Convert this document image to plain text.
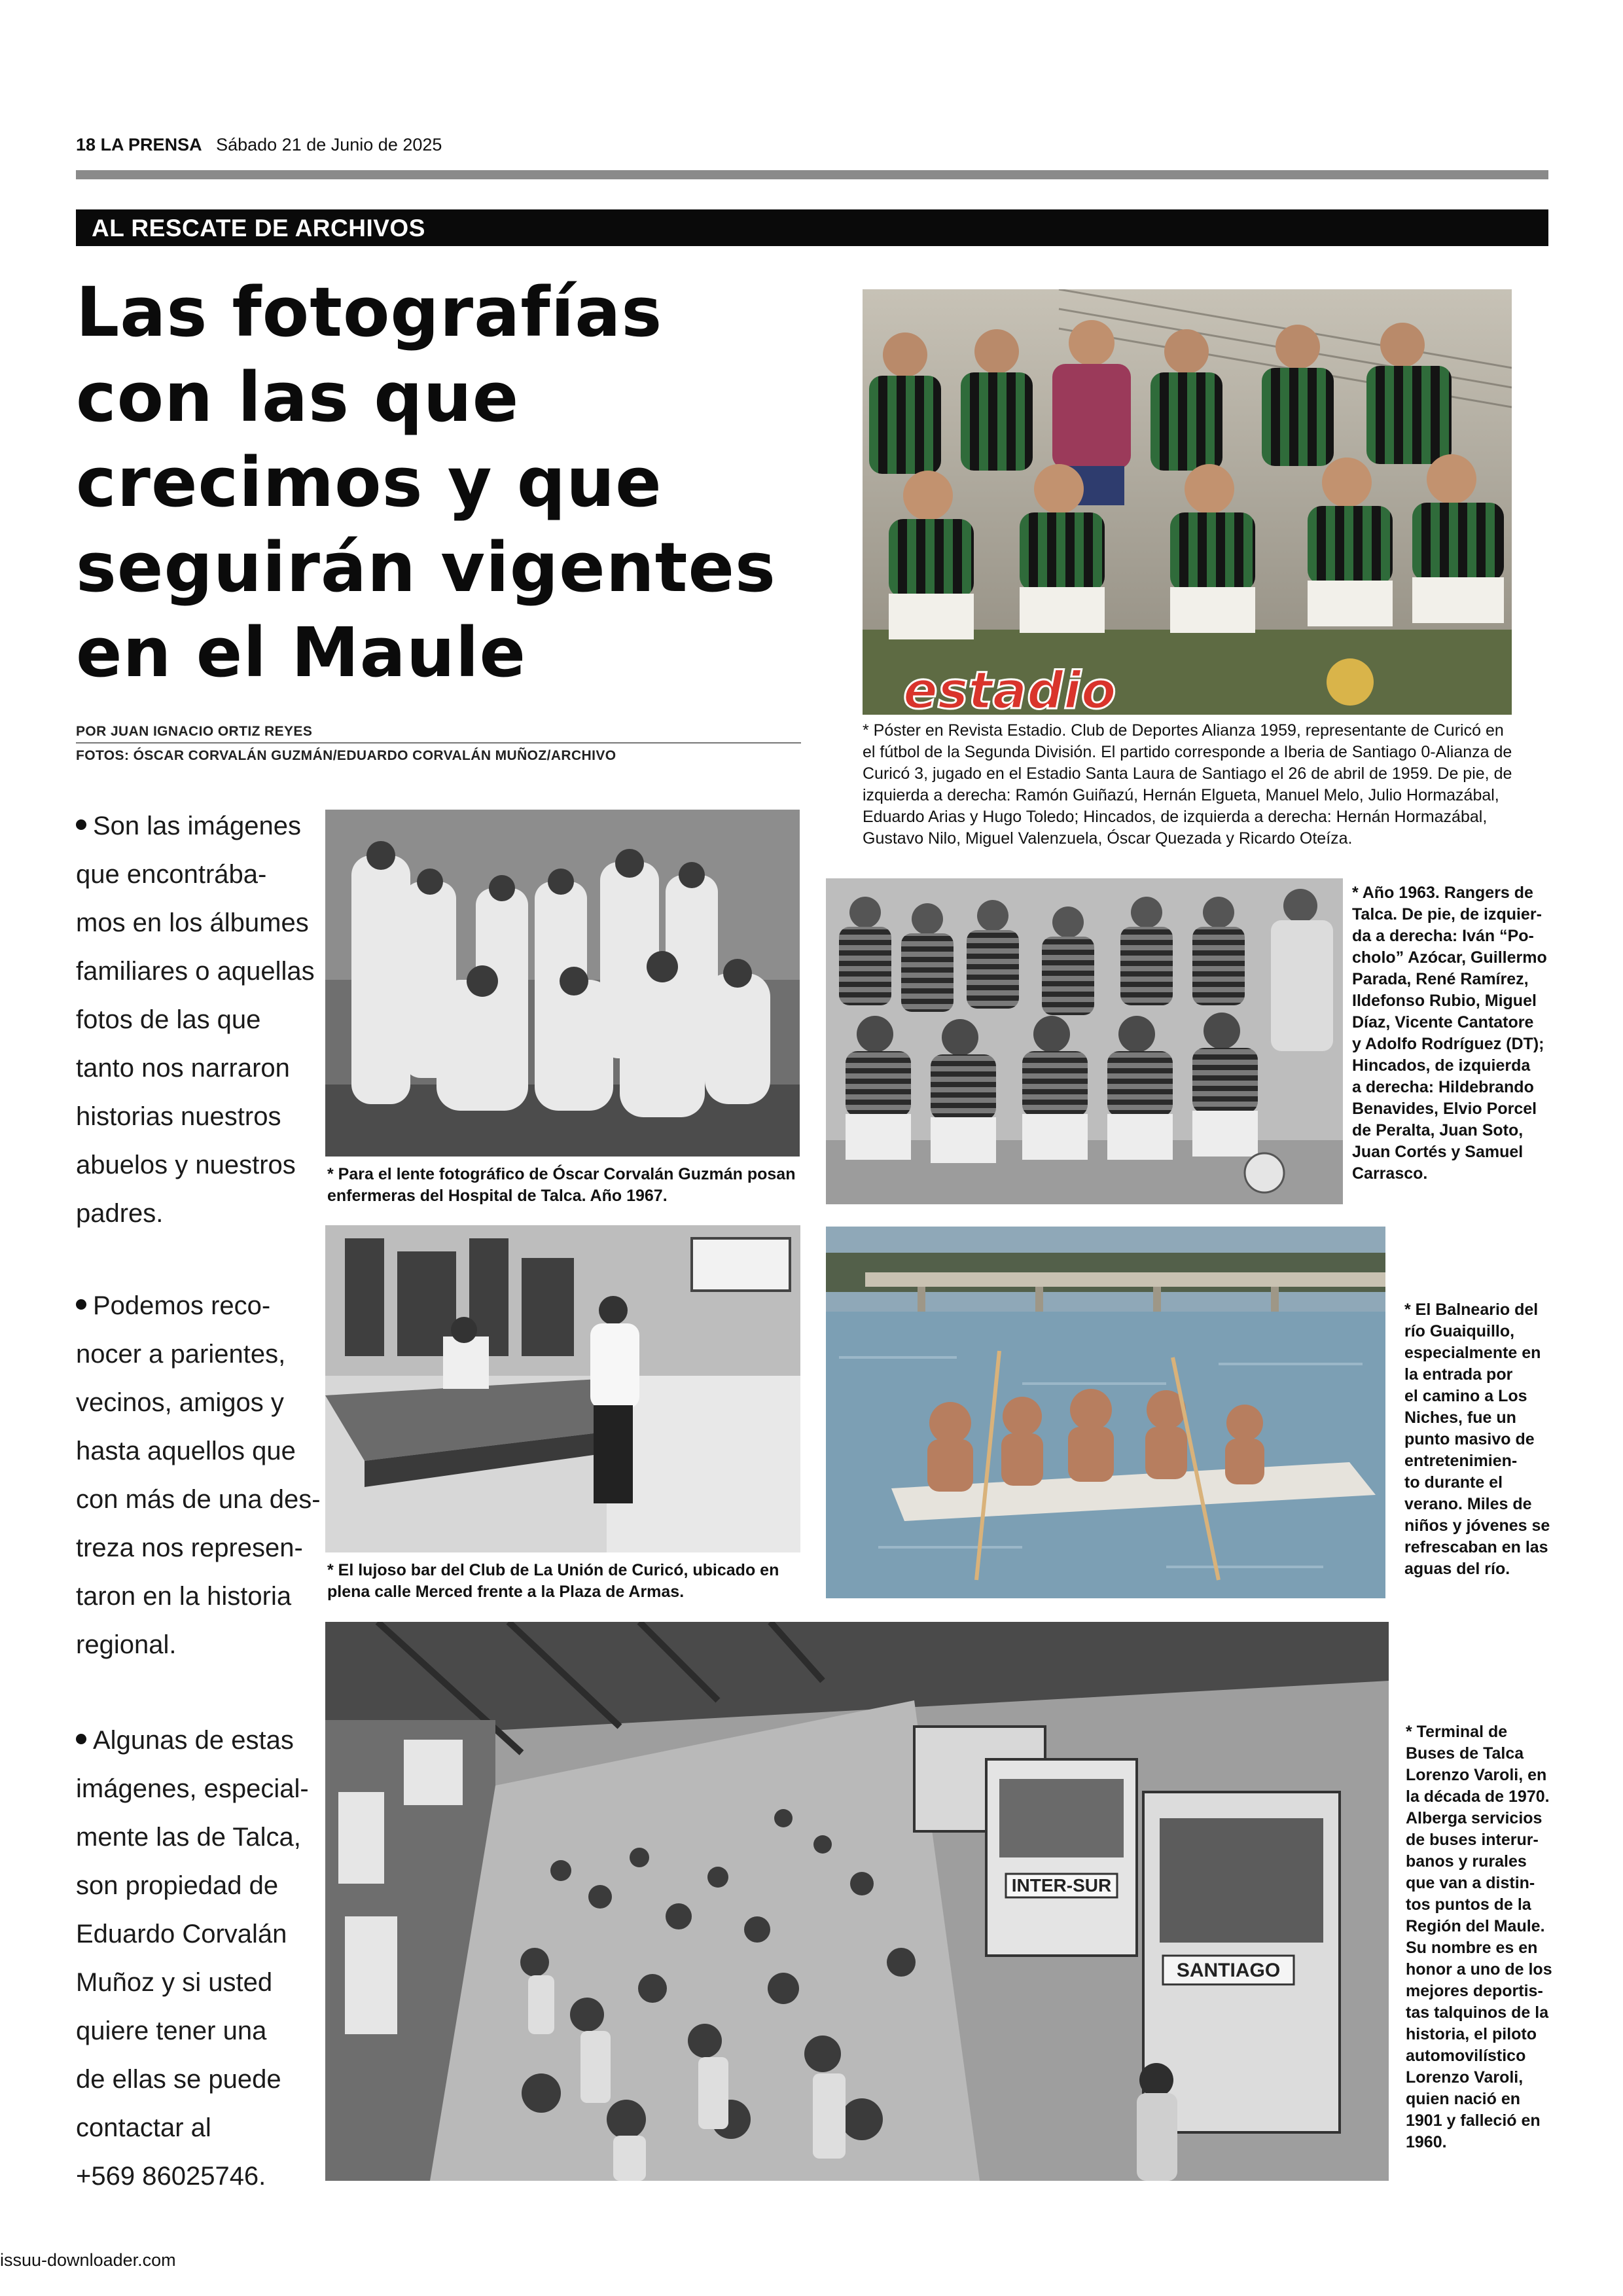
18 LA PRENSA Sábado 21 de Junio de 2025
AL RESCATE DE ARCHIVOS
Las fotografías
con las que
crecimos y que
seguirán vigentes
en el Maule
POR JUAN IGNACIO ORTIZ REYES
FOTOS: ÓSCAR CORVALÁN GUZMÁN/EDUARDO CORVALÁN MUÑOZ/ARCHIVO
Son las imágenes
que encontrába-
mos en los álbumes
familiares o aquellas
fotos de las que
tanto nos narraron
historias nuestros
abuelos y nuestros
padres.
Podemos reco-
nocer a parientes,
vecinos, amigos y
hasta aquellos que
con más de una des-
treza nos represen-
taron en la historia
regional.
Algunas de estas
imágenes, especial-
mente las de Talca,
son propiedad de
Eduardo Corvalán
Muñoz y si usted
quiere tener una
de ellas se puede
contactar al
+569 86025746.
estadio

* Póster en Revista Estadio. Club de Deportes Alianza 1959, representante de Curicó en

el fútbol de la Segunda División. El partido corresponde a Iberia de Santiago 0-Alianza de

Curicó 3, jugado en el Estadio Santa Laura de Santiago el 26 de abril de 1959. De pie, de

izquierda a derecha: Ramón Guiñazú, Hernán Elgueta, Manuel Melo, Julio Hormazábal,

Eduardo Arias y Hugo Toledo; Hincados, de izquierda a derecha: Hernán Hormazábal,

Gustavo Nilo, Miguel Valenzuela, Óscar Quezada y Ricardo Oteíza.

* Para el lente fotográfico de Óscar Corvalán Guzmán posan

enfermeras del Hospital de Talca. Año 1967.

* Año 1963. Rangers de

Talca. De pie, de izquier-

da a derecha: Iván “Po-

cholo” Azócar, Guillermo

Parada, René Ramírez,

Ildefonso Rubio, Miguel

Díaz, Vicente Cantatore

y Adolfo Rodríguez (DT);

Hincados, de izquierda

a derecha: Hildebrando

Benavides, Elvio Porcel

de Peralta, Juan Soto,

Juan Cortés y Samuel

Carrasco.

* El lujoso bar del Club de La Unión de Curicó, ubicado en

plena calle Merced frente a la Plaza de Armas.

* El Balneario del

río Guaiquillo,

especialmente en

la entrada por

el camino a Los

Niches, fue un

punto masivo de

entretenimien-

to durante el

verano. Miles de

niños y jóvenes se

refrescaban en las

aguas del río.

INTER-SUR
SANTIAGO

* Terminal de

Buses de Talca

Lorenzo Varoli, en

la década de 1970.

Alberga servicios

de buses interur-

banos y rurales

que van a distin-

tos puntos de la

Región del Maule.

Su nombre es en

honor a uno de los

mejores deportis-

tas talquinos de la

historia, el piloto

automovilístico

Lorenzo Varoli,

quien nació en

1901 y falleció en

1960.

issuu-downloader.com
